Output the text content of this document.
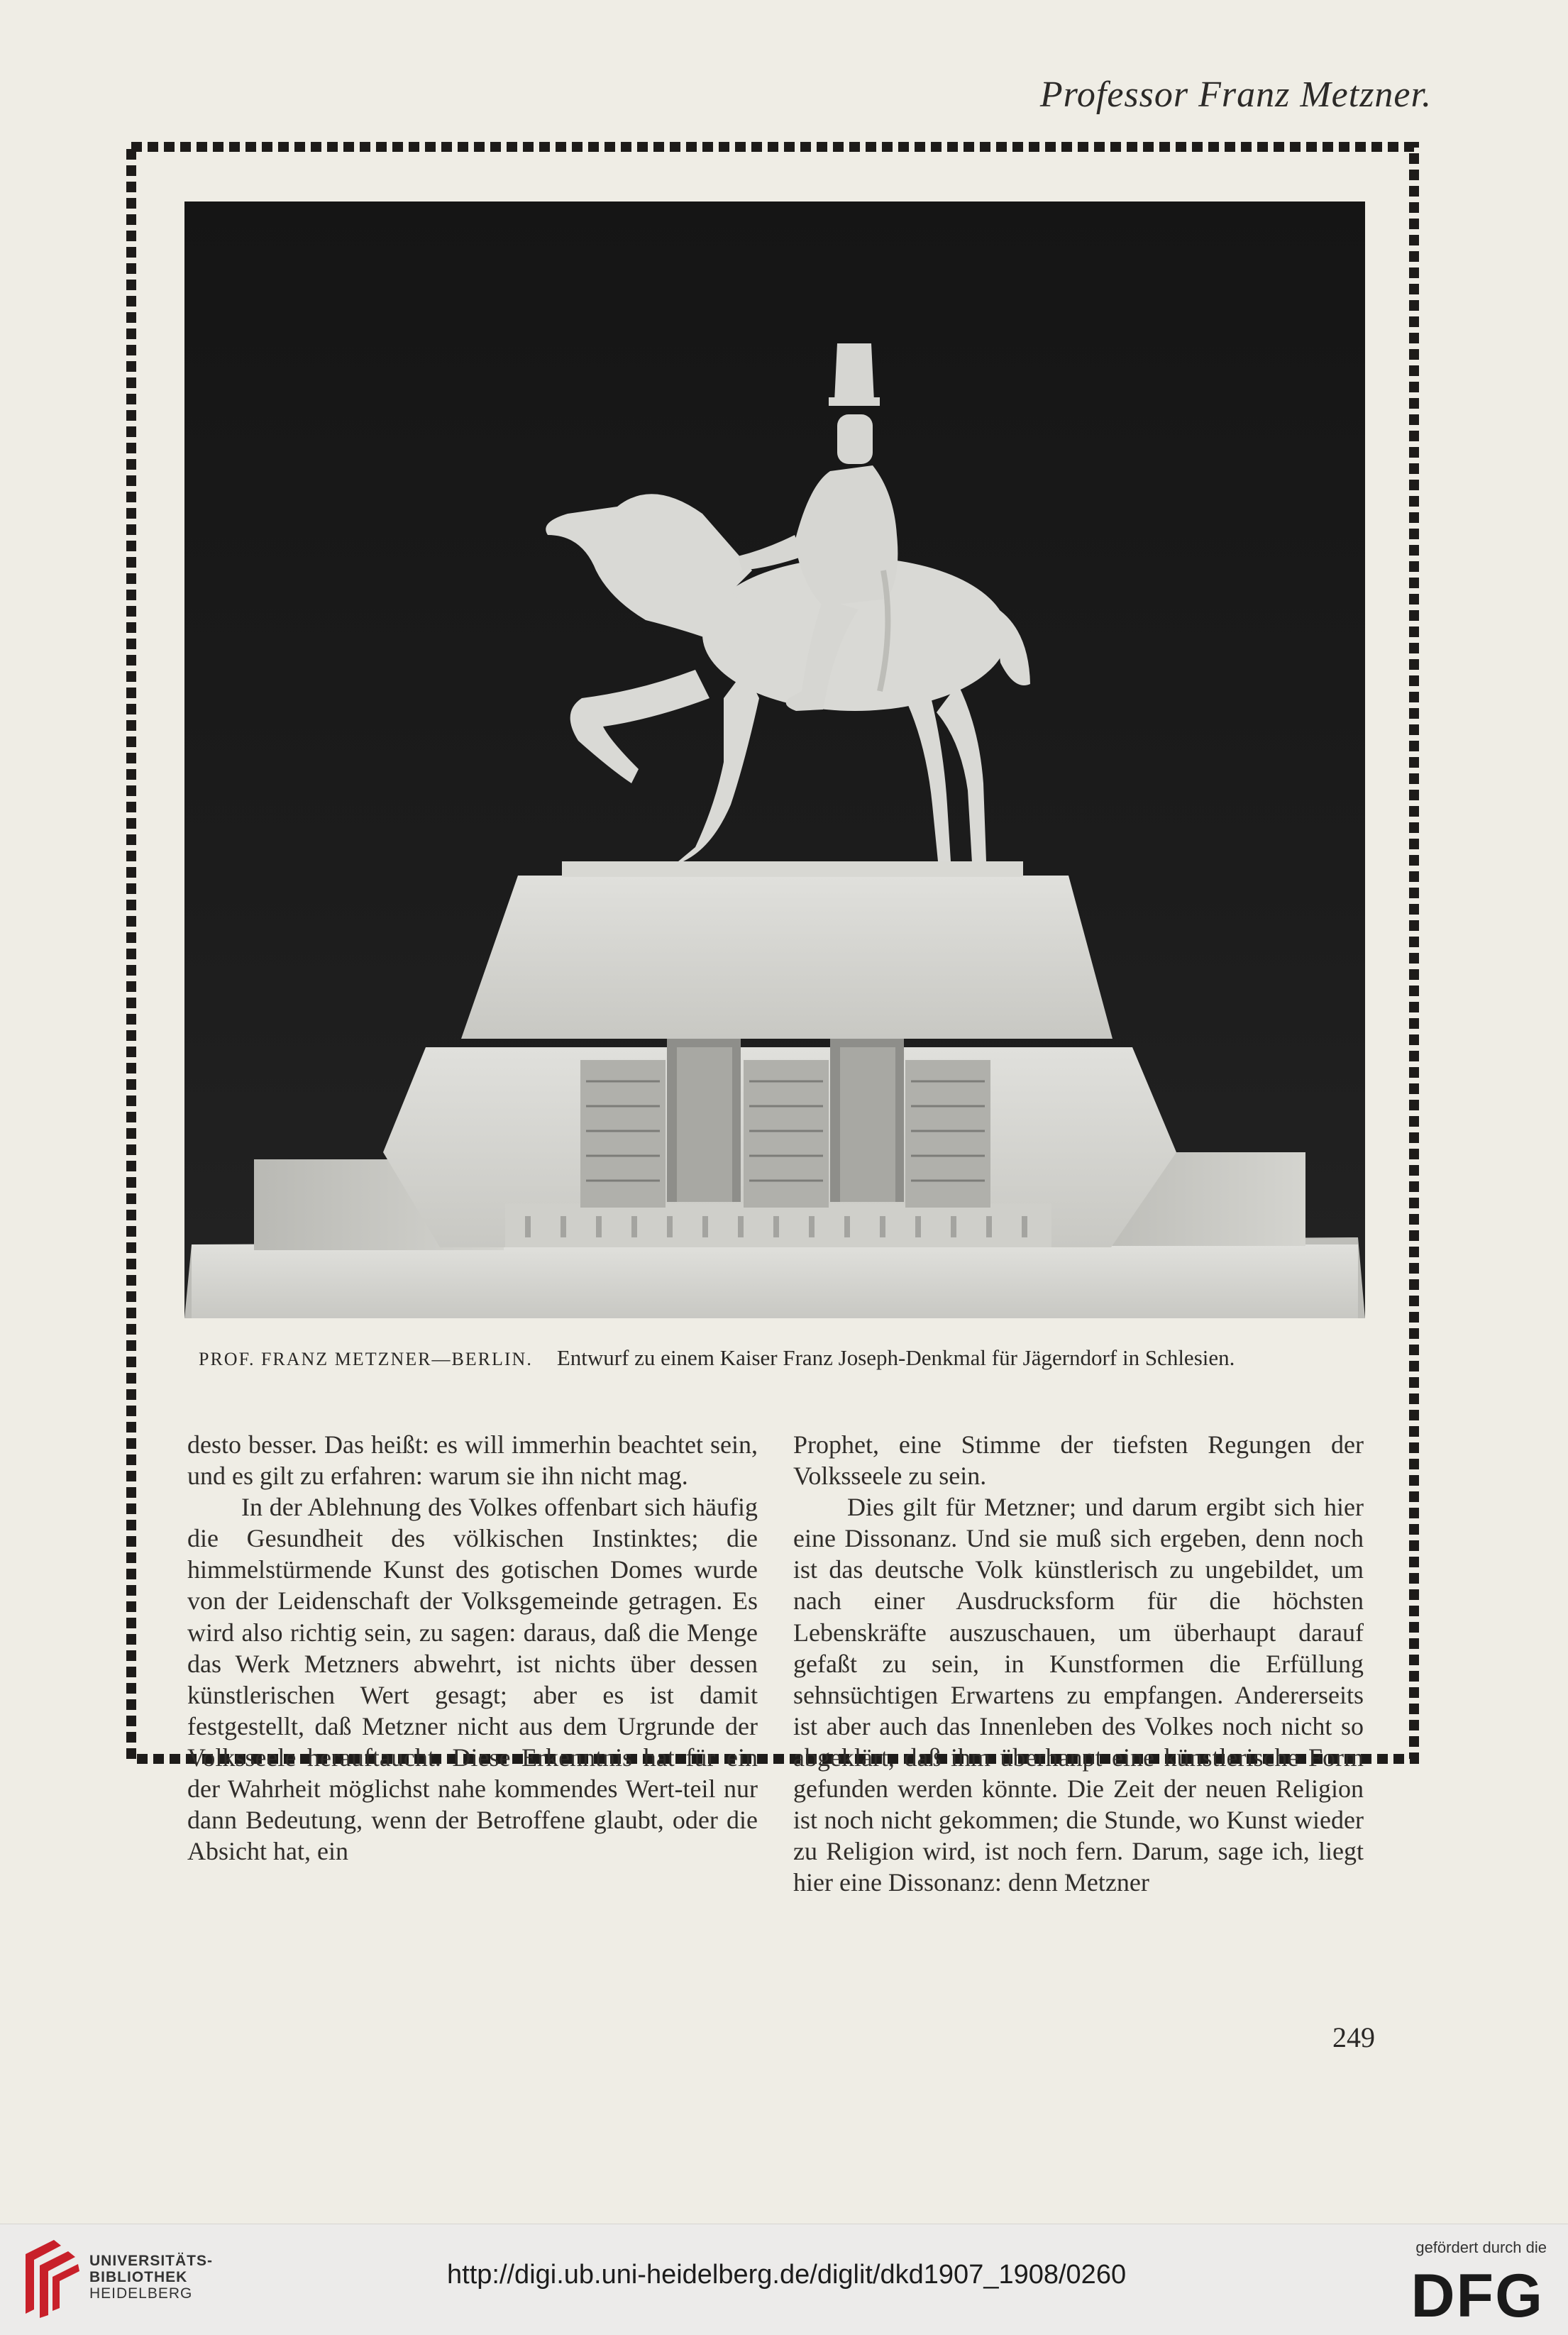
Professor Franz Metzner.
PROF. FRANZ METZNER—BERLIN. Entwurf zu einem Kaiser Franz Joseph-Denkmal für Jägerndorf in Schlesien.

desto besser. Das heißt: es will immerhin beachtet sein, und es gilt zu erfahren: warum sie ihn nicht mag.

In der Ablehnung des Volkes offenbart sich häufig die Gesundheit des völkischen Instinktes; die himmelstürmende Kunst des gotischen Domes wurde von der Leidenschaft der Volksgemeinde getragen. Es wird also richtig sein, zu sagen: daraus, daß die Menge das Werk Metzners abwehrt, ist nichts über dessen künstlerischen Wert gesagt; aber es ist damit festgestellt, daß Metzner nicht aus dem Urgrunde der Volksseele herauftaucht. Diese Erkenntnis hat für ein der Wahrheit möglichst nahe kommendes Wert-teil nur dann Bedeutung, wenn der Betroffene glaubt, oder die Absicht hat, ein

Prophet, eine Stimme der tiefsten Regungen der Volksseele zu sein.

Dies gilt für Metzner; und darum ergibt sich hier eine Dissonanz. Und sie muß sich ergeben, denn noch ist das deutsche Volk künstlerisch zu ungebildet, um nach einer Ausdrucksform für die höchsten Lebenskräfte auszuschauen, um überhaupt darauf gefaßt zu sein, in Kunstformen die Erfüllung sehnsüchtigen Erwartens zu empfangen. Andererseits ist aber auch das Innenleben des Volkes noch nicht so abgeklärt, daß ihm überhanpt eine künstlerische Form gefunden werden könnte. Die Zeit der neuen Religion ist noch nicht gekommen; die Stunde, wo Kunst wieder zu Religion wird, ist noch fern. Darum, sage ich, liegt hier eine Dissonanz: denn Metzner

249
UNIVERSITÄTS-
BIBLIOTHEK
HEIDELBERG
http://digi.ub.uni-heidelberg.de/diglit/dkd1907_1908/0260
gefördert durch die
DFG
